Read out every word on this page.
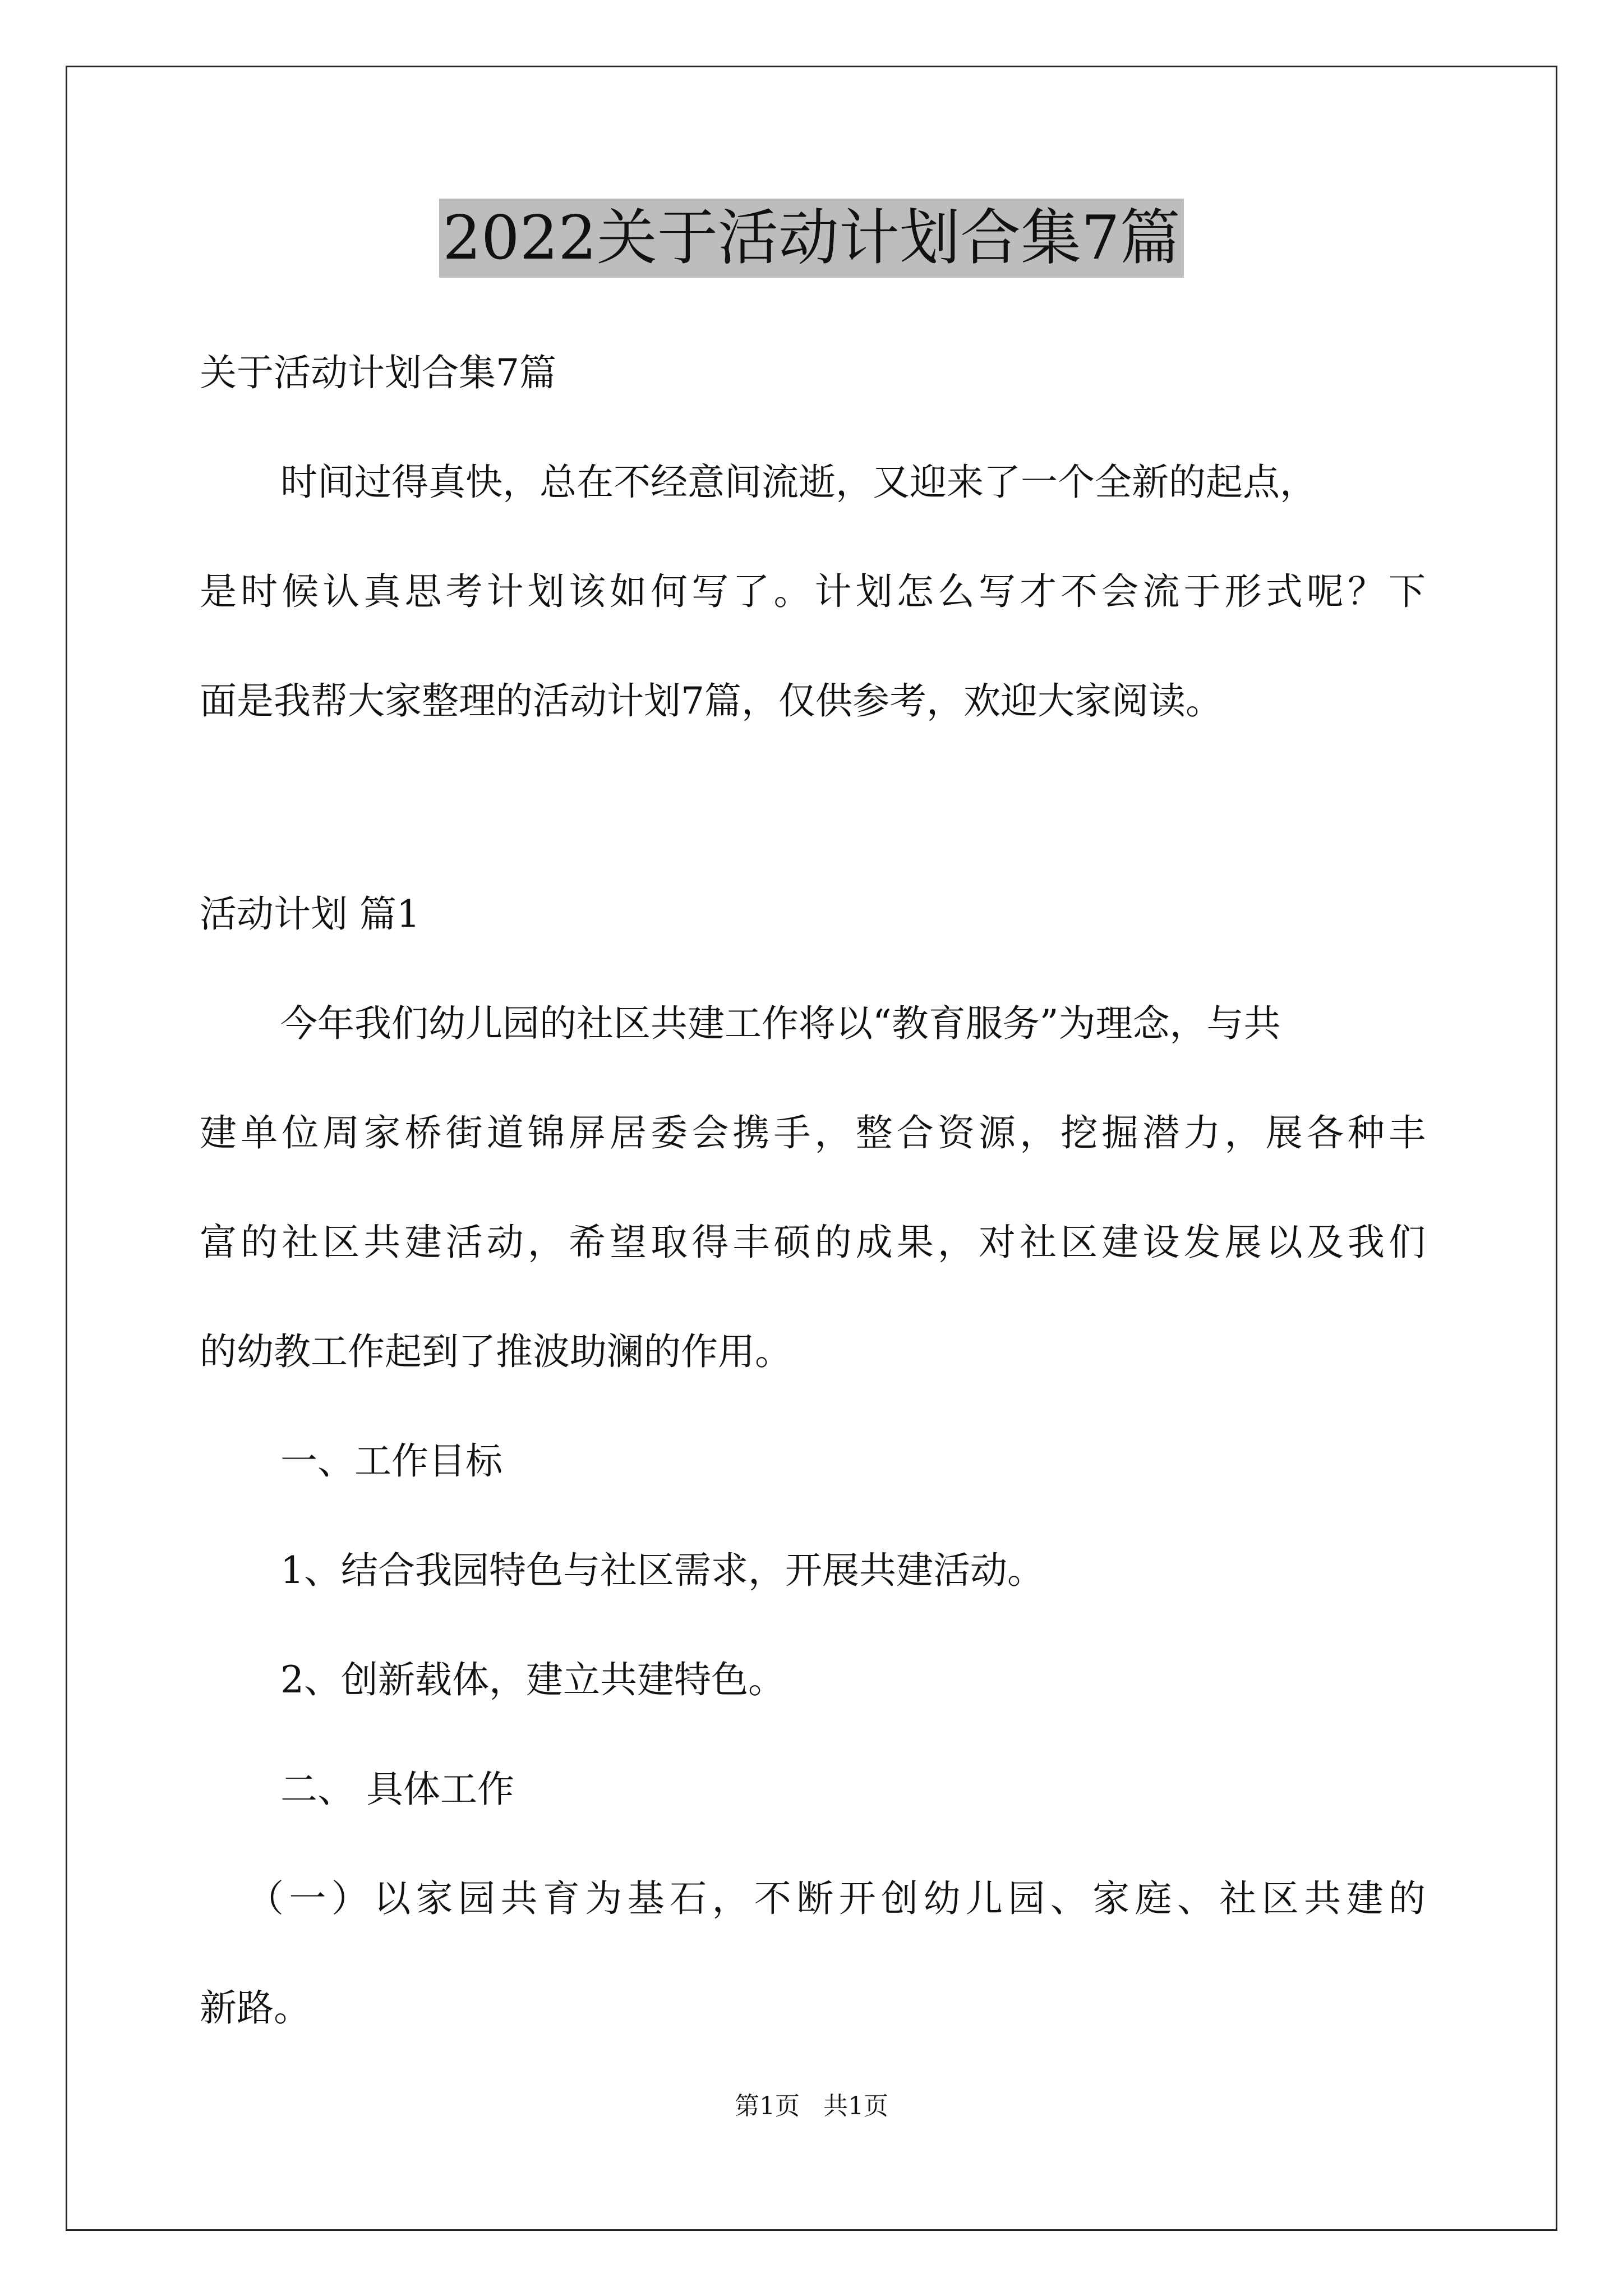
2022关于活动计划合集7篇
关于活动计划合集7篇
时间过得真快，总在不经意间流逝，又迎来了一个全新的起点，
是时候认真思考计划该如何写了。计划怎么写才不会流于形式呢？下
面是我帮大家整理的活动计划7篇，仅供参考，欢迎大家阅读。
活动计划 篇1
今年我们幼儿园的社区共建工作将以“教育服务”为理念，与共
建单位周家桥街道锦屏居委会携手，整合资源，挖掘潜力，展各种丰
富的社区共建活动，希望取得丰硕的成果，对社区建设发展以及我们
的幼教工作起到了推波助澜的作用。
一、工作目标
1、结合我园特色与社区需求，开展共建活动。
2、创新载体，建立共建特色。
二、 具体工作
（一）以家园共育为基石，不断开创幼儿园、家庭、社区共建的
新路。
第1页   共1页
